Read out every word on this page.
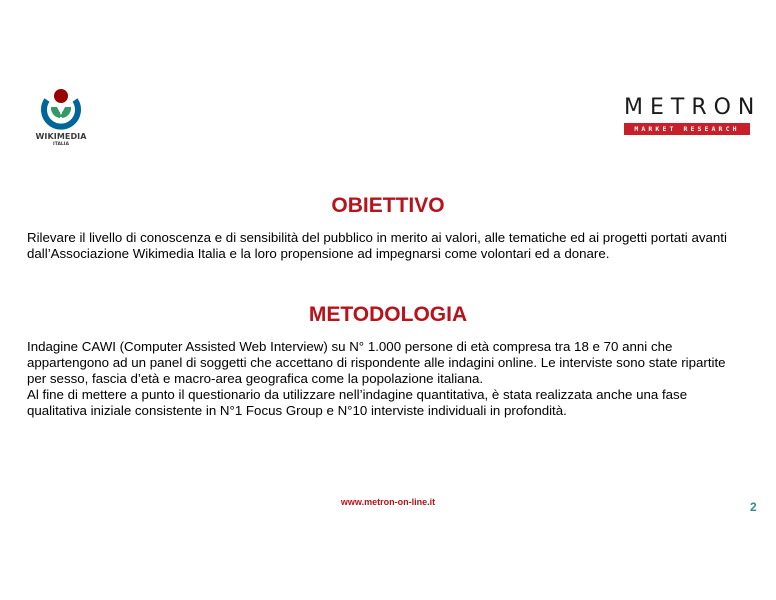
WIKIMEDIA
ITALIA
METRON
MARKET RESEARCH
OBIETTIVO
Rilevare il livello di conoscenza e di sensibilità del pubblico in merito ai valori, alle tematiche ed ai progetti portati avanti
dall’Associazione Wikimedia Italia e la loro propensione ad impegnarsi come volontari ed a donare.
METODOLOGIA
Indagine CAWI (Computer Assisted Web Interview) su N° 1.000 persone di età compresa tra 18 e 70 anni che
appartengono ad un panel di soggetti che accettano di rispondente alle indagini online. Le interviste sono state ripartite
per sesso, fascia d’età e macro-area geografica come la popolazione italiana.
Al fine di mettere a punto il questionario da utilizzare nell’indagine quantitativa, è stata realizzata anche una fase
qualitativa iniziale consistente in N°1 Focus Group e N°10 interviste individuali in profondità.
www.metron-on-line.it	2
